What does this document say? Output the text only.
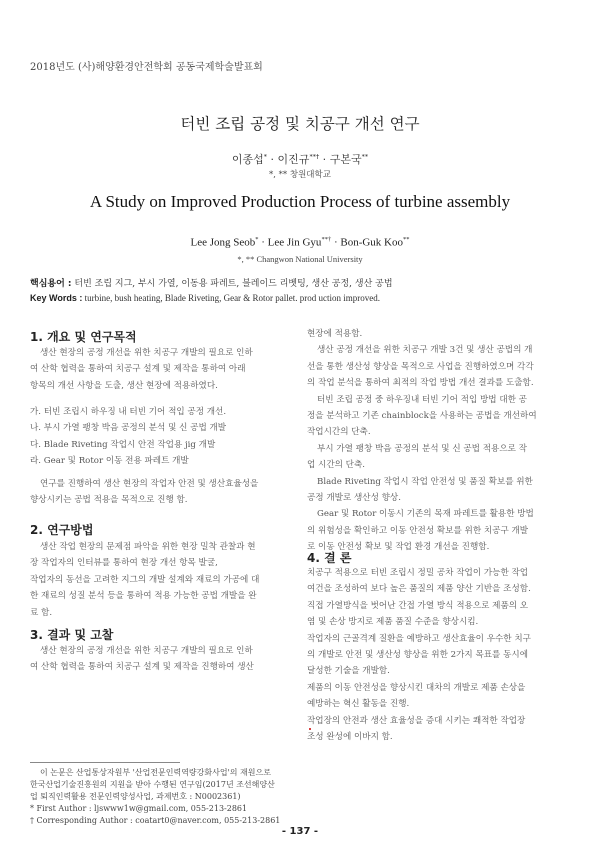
2018년도 (사)해양환경안전학회 공동국제학술발표회
터빈 조립 공정 및 치공구 개선 연구
이종섭* · 이진규**† · 구본국**
*, ** 창원대학교
A Study on Improved Production Process of turbine assembly
Lee Jong Seob* · Lee Jin Gyu**† · Bon-Guk Koo**
*, ** Changwon National University
핵심용어 : 터빈 조립 지그, 부시 가열, 이동용 파레트, 블레이드 리벳팅, 생산 공정, 생산 공법
Key Words : turbine, bush heating, Blade Riveting, Gear & Rotor pallet. prod uction improved.
1. 개요 및 연구목적

생산 현장의 공정 개선을 위한 치공구 개발의 필요로 인하

여 산학 협력을 통하여 치공구 설계 및 제작을 통하여 아래

항목의 개선 사항을 도출, 생산 현장에 적용하였다.

가. 터빈 조립시 하우징 내 터빈 기어 적입 공정 개선.

나. 부시 가열 팽창 박음 공정의 분석 및 신 공법 개발

다. Blade Riveting 작업시 안전 작업용 jig 개발

라. Gear 및 Rotor 이동 전용 파레트 개발

연구를 진행하여 생산 현장의 작업자 안전 및 생산효율성을

향상시키는 공법 적용을 목적으로 진행 함.

2. 연구방법

생산 작업 현장의 문제점 파악을 위한 현장 밀착 관찰과 현

장 작업자의 인터뷰를 통하여 현장 개선 항목 발굴,

작업자의 동선을 고려한 지그의 개발 설계와 재료의 가공에 대

한 재료의 성질 분석 등을 통하여 적용 가능한 공법 개발을 완

료 함.

3. 결과 및 고찰

생산 현장의 공정 개선을 위한 치공구 개발의 필요로 인하

여 산학 협력을 통하여 치공구 설계 및 제작을 진행하여 생산

이 논문은 산업통상자원부 '산업전문인력역량강화사업'의 재원으로

한국산업기술진흥원의 지원을 받아 수행된 연구임(2017년 조선해양산

업 퇴직인력활용 전문인력양성사업, 과제번호 : N0002361)

* First Author : ljswww1w@gmail.com, 055-213-2861

† Corresponding Author : coatart0@naver.com, 055-213-2861

현장에 적용함.

생산 공정 개선을 위한 치공구 개발 3건 및 생산 공법의 개

선을 통한 생산성 향상을 목적으로 사업을 진행하였으며 각각

의 작업 분석을 통하여 최적의 작업 방법 개선 결과를 도출함.

터빈 조립 공정 중 하우징내 터빈 기어 적입 방법 대한 공

정을 분석하고 기존 chainblock을 사용하는 공법을 개선하여

작업시간의 단축.

부시 가열 팽창 박음 공정의 분석 및 신 공법 적용으로 작

업 시간의 단축.

Blade Riveting 작업시 작업 안전성 및 품질 확보를 위한

공정 개발로 생산성 향상.

Gear 및 Rotor 이동시 기존의 목재 파레트를 활용한 방법

의 위험성을 확인하고 이동 안전성 확보를 위한 치공구 개발

로 이동 안전성 확보 및 작업 환경 개선을 진행함.

4. 결 론

치공구 적용으로 터빈 조립시 정밀 공차 작업이 가능한 작업

여건을 조성하여 보다 높은 품질의 제품 양산 기반을 조성함.

직접 가열방식을 벗어난 간접 가열 방식 적용으로 제품의 오

염 및 손상 방지로 제품 품질 수준을 향상시킴.

작업자의 근골격계 질환을 예방하고 생산효율이 우수한 치구

의 개발로 안전 및 생산성 향상을 위한 2가지 목표를 동시에

달성한 기술을 개발함.

제품의 이동 안전성을 향상시킨 대차의 개발로 제품 손상을

예방하는 혁신 활동을 진행.

작업장의 안전과 생산 효율성을 증대 시키는 쾌적한 작업장

조성 완성에 이바지 함.

- 137 -
